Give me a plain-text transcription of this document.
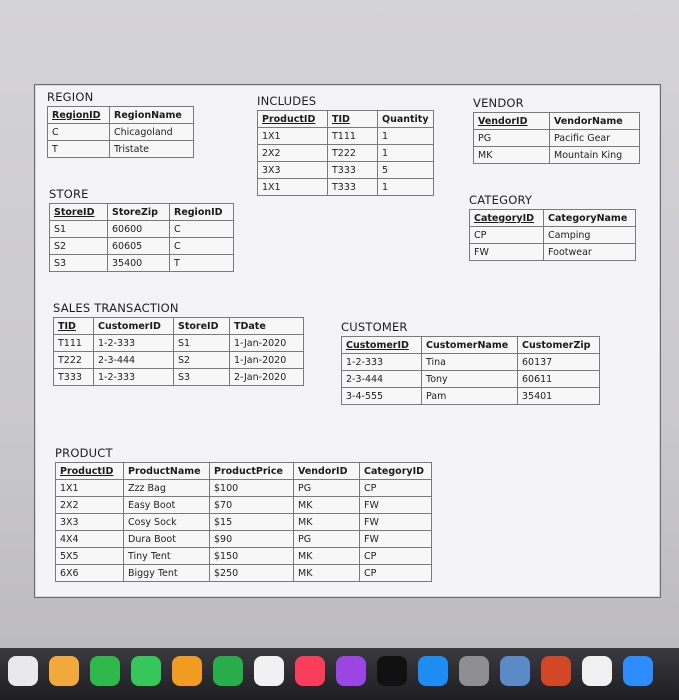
REGION
RegionID	RegionName
C	Chicagoland
T	Tristate
INCLUDES
ProductID	TID	Quantity
1X1	T111	1
2X2	T222	1
3X3	T333	5
1X1	T333	1
VENDOR
VendorID	VendorName
PG	Pacific Gear
MK	Mountain King
STORE
StoreID	StoreZip	RegionID
S1	60600	C
S2	60605	C
S3	35400	T
CATEGORY
CategoryID	CategoryName
CP	Camping
FW	Footwear
SALES TRANSACTION
TID	CustomerID	StoreID	TDate
T111	1-2-333	S1	1-Jan-2020
T222	2-3-444	S2	1-Jan-2020
T333	1-2-333	S3	2-Jan-2020
CUSTOMER
CustomerID	CustomerName	CustomerZip
1-2-333	Tina	60137
2-3-444	Tony	60611
3-4-555	Pam	35401
PRODUCT
ProductID	ProductName	ProductPrice	VendorID	CategoryID
1X1	Zzz Bag	$100	PG	CP
2X2	Easy Boot	$70	MK	FW
3X3	Cosy Sock	$15	MK	FW
4X4	Dura Boot	$90	PG	FW
5X5	Tiny Tent	$150	MK	CP
6X6	Biggy Tent	$250	MK	CP
